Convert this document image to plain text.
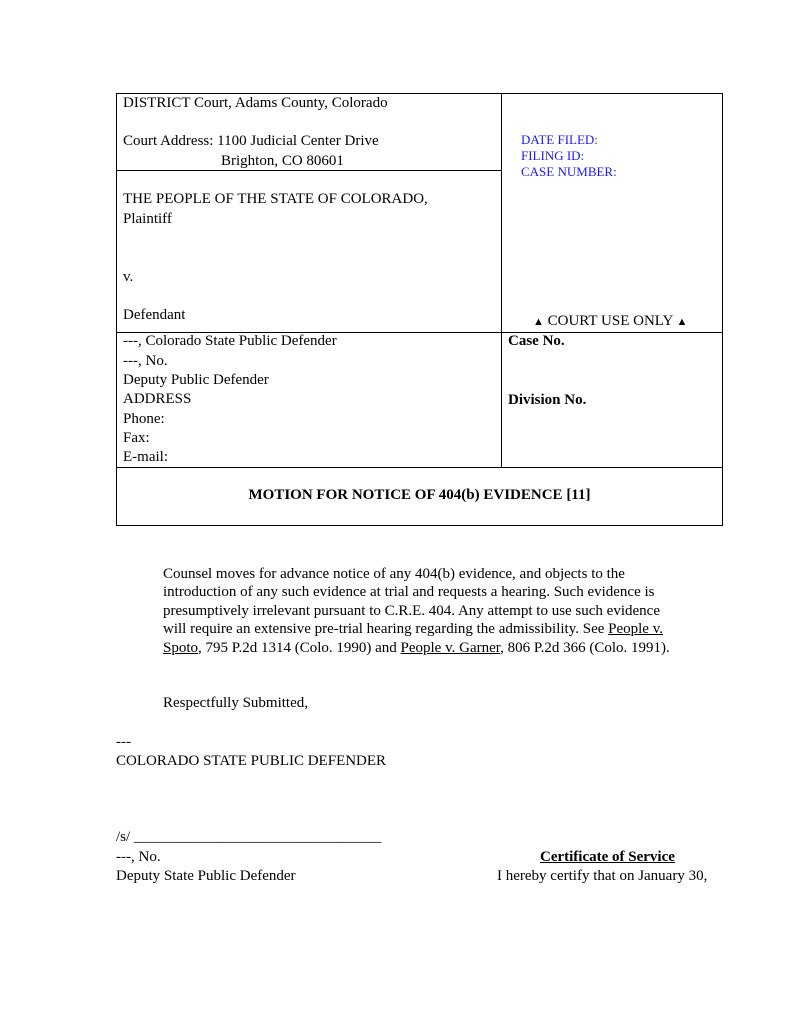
DISTRICT Court, Adams County, Colorado
Court Address: 1100 Judicial Center Drive
Brighton, CO 80601
THE PEOPLE OF THE STATE OF COLORADO,
Plaintiff
v.
Defendant
DATE FILED:
FILING ID:
CASE NUMBER:
▲ COURT USE ONLY ▲
---, Colorado State Public Defender
---, No.
Deputy Public Defender
ADDRESS
Phone:
Fax:
E-mail:
Case No.
Division No.
MOTION FOR NOTICE OF 404(b) EVIDENCE [11]
Counsel moves for advance notice of any 404(b) evidence, and objects to the introduction of any such evidence at trial and requests a hearing. Such evidence is presumptively irrelevant pursuant to C.R.E. 404. Any attempt to use such evidence will require an extensive pre-trial hearing regarding the admissibility. See People v. Spoto, 795 P.2d 1314 (Colo. 1990) and People v. Garner, 806 P.2d 366 (Colo. 1991).
Respectfully Submitted,
---
COLORADO STATE PUBLIC DEFENDER
/s/ _________________________________
---, No.
Deputy State Public Defender
Certificate of Service
I hereby certify that on January 30,
